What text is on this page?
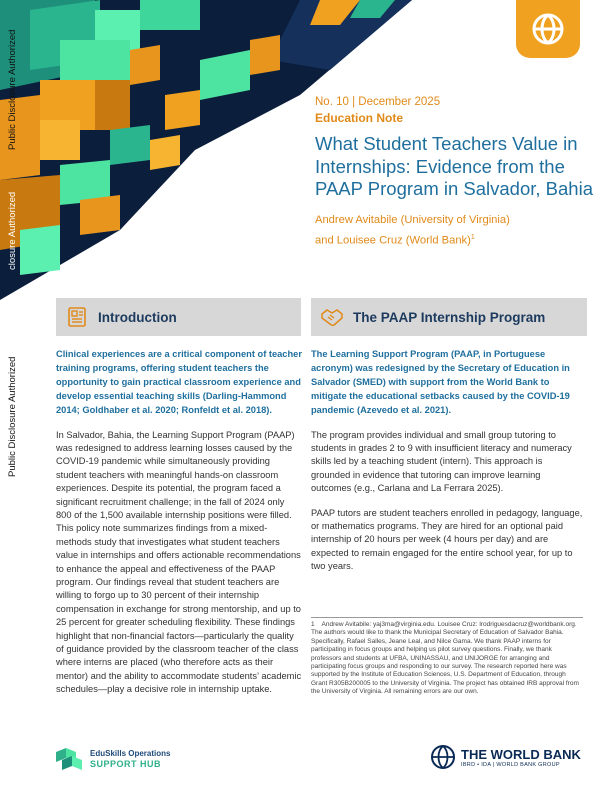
Public Disclosure Authorized
closure Authorized
Public Disclosure Authorized

No. 10 | December 2025

Education Note

What Student Teachers Value in Internships: Evidence from the PAAP Program in Salvador, Bahia
Andrew Avitabile (University of Virginia)
and Louisee Cruz (World Bank)$^1$
Introduction	The PAAP Internship Program

Clinical experiences are a critical component of teacher training programs, offering student teachers the opportunity to gain practical classroom experience and develop essential teaching skills (Darling-Hammond 2014; Goldhaber et al. 2020; Ronfeldt et al. 2018).

In Salvador, Bahia, the Learning Support Program (PAAP) was redesigned to address learning losses caused by the COVID-19 pandemic while simultaneously providing student teachers with meaningful hands-on classroom experiences. Despite its potential, the program faced a significant recruitment challenge; in the fall of 2024 only 800 of the 1,500 available internship positions were filled. This policy note summarizes findings from a mixed-methods study that investigates what student teachers value in internships and offers actionable recommendations to enhance the appeal and effectiveness of the PAAP program. Our findings reveal that student teachers are willing to forgo up to 30 percent of their internship compensation in exchange for strong mentorship, and up to 25 percent for greater scheduling flexibility. These findings highlight that non-financial factors—particularly the quality of guidance provided by the classroom teacher of the class where interns are placed (who therefore acts as their mentor) and the ability to accommodate students’ academic schedules—play a decisive role in internship uptake.

The Learning Support Program (PAAP, in Portuguese acronym) was redesigned by the Secretary of Education in Salvador (SMED) with support from the World Bank to mitigate the educational setbacks caused by the COVID-19 pandemic (Azevedo et al. 2021).

The program provides individual and small group tutoring to students in grades 2 to 9 with insufficient literacy and numeracy skills led by a teaching student (intern). This approach is grounded in evidence that tutoring can improve learning outcomes (e.g., Carlana and La Ferrara 2025).

PAAP tutors are student teachers enrolled in pedagogy, language, or mathematics programs. They are hired for an optional paid internship of 20 hours per week (4 hours per day) and are expected to remain engaged for the entire school year, for up to two years.

1 Andrew Avitabile: yaj3ma@virginia.edu. Louisee Cruz: lrodriguesdacruz@worldbank.org. The authors would like to thank the Municipal Secretary of Education of Salvador Bahia. Specifically, Rafael Salles, Jeane Leal, and Nilce Gama. We thank PAAP interns for participating in focus groups and helping us pilot survey questions. Finally, we thank professors and students at UFBA, UNINASSAU, and UNIJORGE for arranging and participating focus groups and responding to our survey. The research reported here was supported by the Institute of Education Sciences, U.S. Department of Education, through Grant R305B200005 to the University of Virginia. The project has obtained IRB approval from the University of Virginia. All remaining errors are our own.
EduSkills Operations
SUPPORT HUB
THE WORLD BANK
IBRD • IDA | WORLD BANK GROUP
